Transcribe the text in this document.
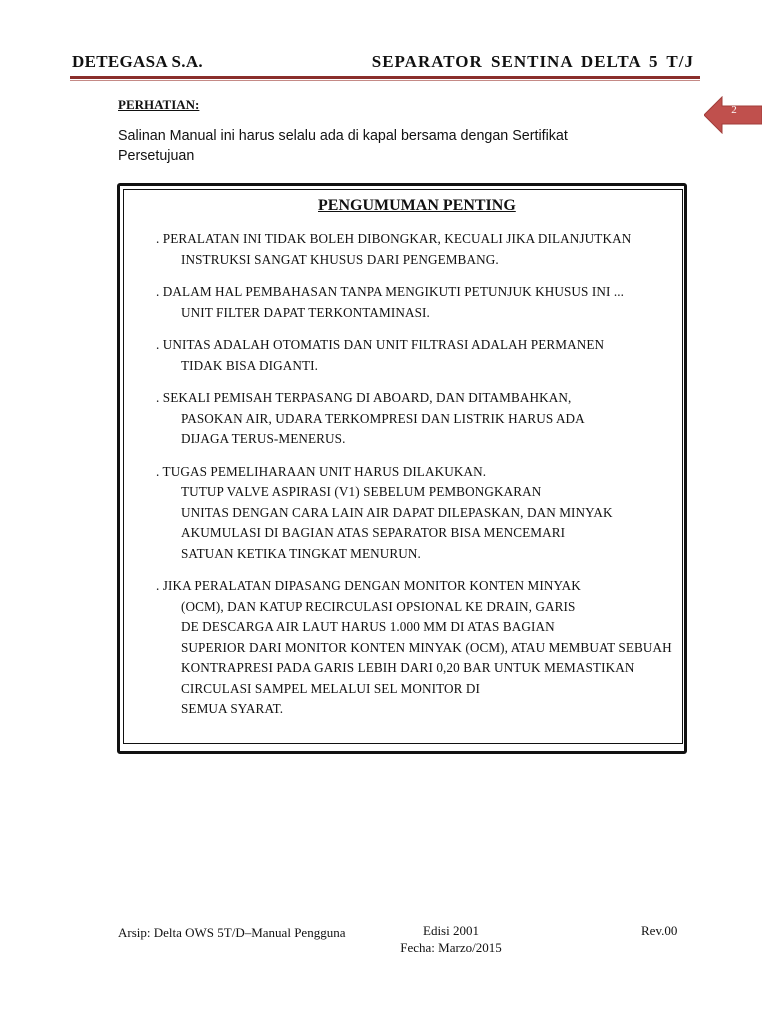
DETEGASA S.A.	SEPARATOR SENTINA DELTA 5 T/J
2
PERHATIAN:
Salinan Manual ini harus selalu ada di kapal bersama dengan Sertifikat Persetujuan
PENGUMUMAN PENTING
. PERALATAN INI TIDAK BOLEH DIBONGKAR, KECUALI JIKA DILANJUTKAN
INSTRUKSI SANGAT KHUSUS DARI PENGEMBANG.
. DALAM HAL PEMBAHASAN TANPA MENGIKUTI PETUNJUK KHUSUS INI ...
UNIT FILTER DAPAT TERKONTAMINASI.
. UNITAS ADALAH OTOMATIS DAN UNIT FILTRASI ADALAH PERMANEN
TIDAK BISA DIGANTI.
. SEKALI PEMISAH TERPASANG DI ABOARD, DAN DITAMBAHKAN,
PASOKAN AIR, UDARA TERKOMPRESI DAN LISTRIK HARUS ADA
DIJAGA TERUS-MENERUS.
. TUGAS PEMELIHARAAN UNIT HARUS DILAKUKAN.
TUTUP VALVE ASPIRASI (V1) SEBELUM PEMBONGKARAN
UNITAS DENGAN CARA LAIN AIR DAPAT DILEPASKAN, DAN MINYAK
AKUMULASI DI BAGIAN ATAS SEPARATOR BISA MENCEMARI
SATUAN KETIKA TINGKAT MENURUN.
. JIKA PERALATAN DIPASANG DENGAN MONITOR KONTEN MINYAK
(OCM), DAN KATUP RECIRCULASI OPSIONAL KE DRAIN, GARIS
DE DESCARGA AIR LAUT HARUS 1.000 MM DI ATAS BAGIAN
SUPERIOR DARI MONITOR KONTEN MINYAK (OCM), ATAU MEMBUAT SEBUAH
KONTRAPRESI PADA GARIS LEBIH DARI 0,20 BAR UNTUK MEMASTIKAN
CIRCULASI SAMPEL MELALUI SEL MONITOR DI
SEMUA SYARAT.
Arsip: Delta OWS 5T/D–Manual Pengguna	Edisi 2001
Fecha: Marzo/2015
Rev.00
